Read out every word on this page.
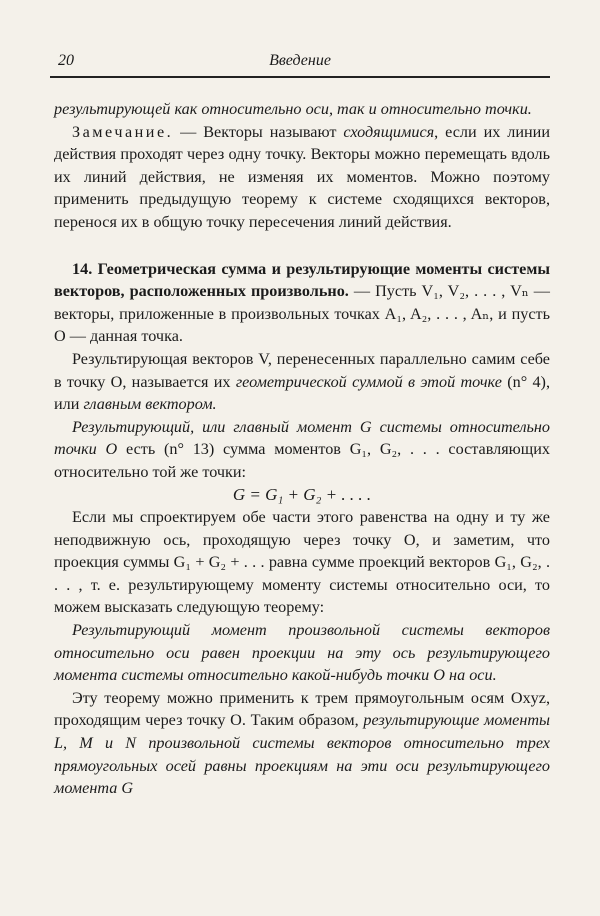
20	Введение

результирующей как относительно оси, так и относительно точки.

Замечание. — Векторы называют сходящимися, если их линии действия проходят через одну точку. Векторы можно перемещать вдоль их линий действия, не изменяя их моментов. Можно поэтому применить предыдущую теорему к системе сходящихся векторов, перенося их в общую точку пересечения линий действия.

14. Геометрическая сумма и результирующие моменты системы векторов, расположенных произвольно. — Пусть V₁, V₂, . . . , Vₙ — векторы, приложенные в произвольных точках A₁, A₂, . . . , Aₙ, и пусть O — данная точка.

Результирующая векторов V, перенесенных параллельно самим себе в точку O, называется их геометрической суммой в этой точке (n° 4), или главным вектором.

Результирующий, или главный момент G системы относительно точки O есть (n° 13) сумма моментов G₁, G₂, . . . составляющих относительно той же точки:

G = G₁ + G₂ + . . . .

Если мы спроектируем обе части этого равенства на одну и ту же неподвижную ось, проходящую через точку O, и заметим, что проекция суммы G₁ + G₂ + . . . равна сумме проекций векторов G₁, G₂, . . . , т. е. результирующему моменту системы относительно оси, то можем высказать следующую теорему:

Результирующий момент произвольной системы векторов относительно оси равен проекции на эту ось результирующего момента системы относительно какой-нибудь точки O на оси.

Эту теорему можно применить к трем прямоугольным осям Oxyz, проходящим через точку O. Таким образом, результирующие моменты L, M и N произвольной системы векторов относительно трех прямоугольных осей равны проекциям на эти оси результирующего момента G
